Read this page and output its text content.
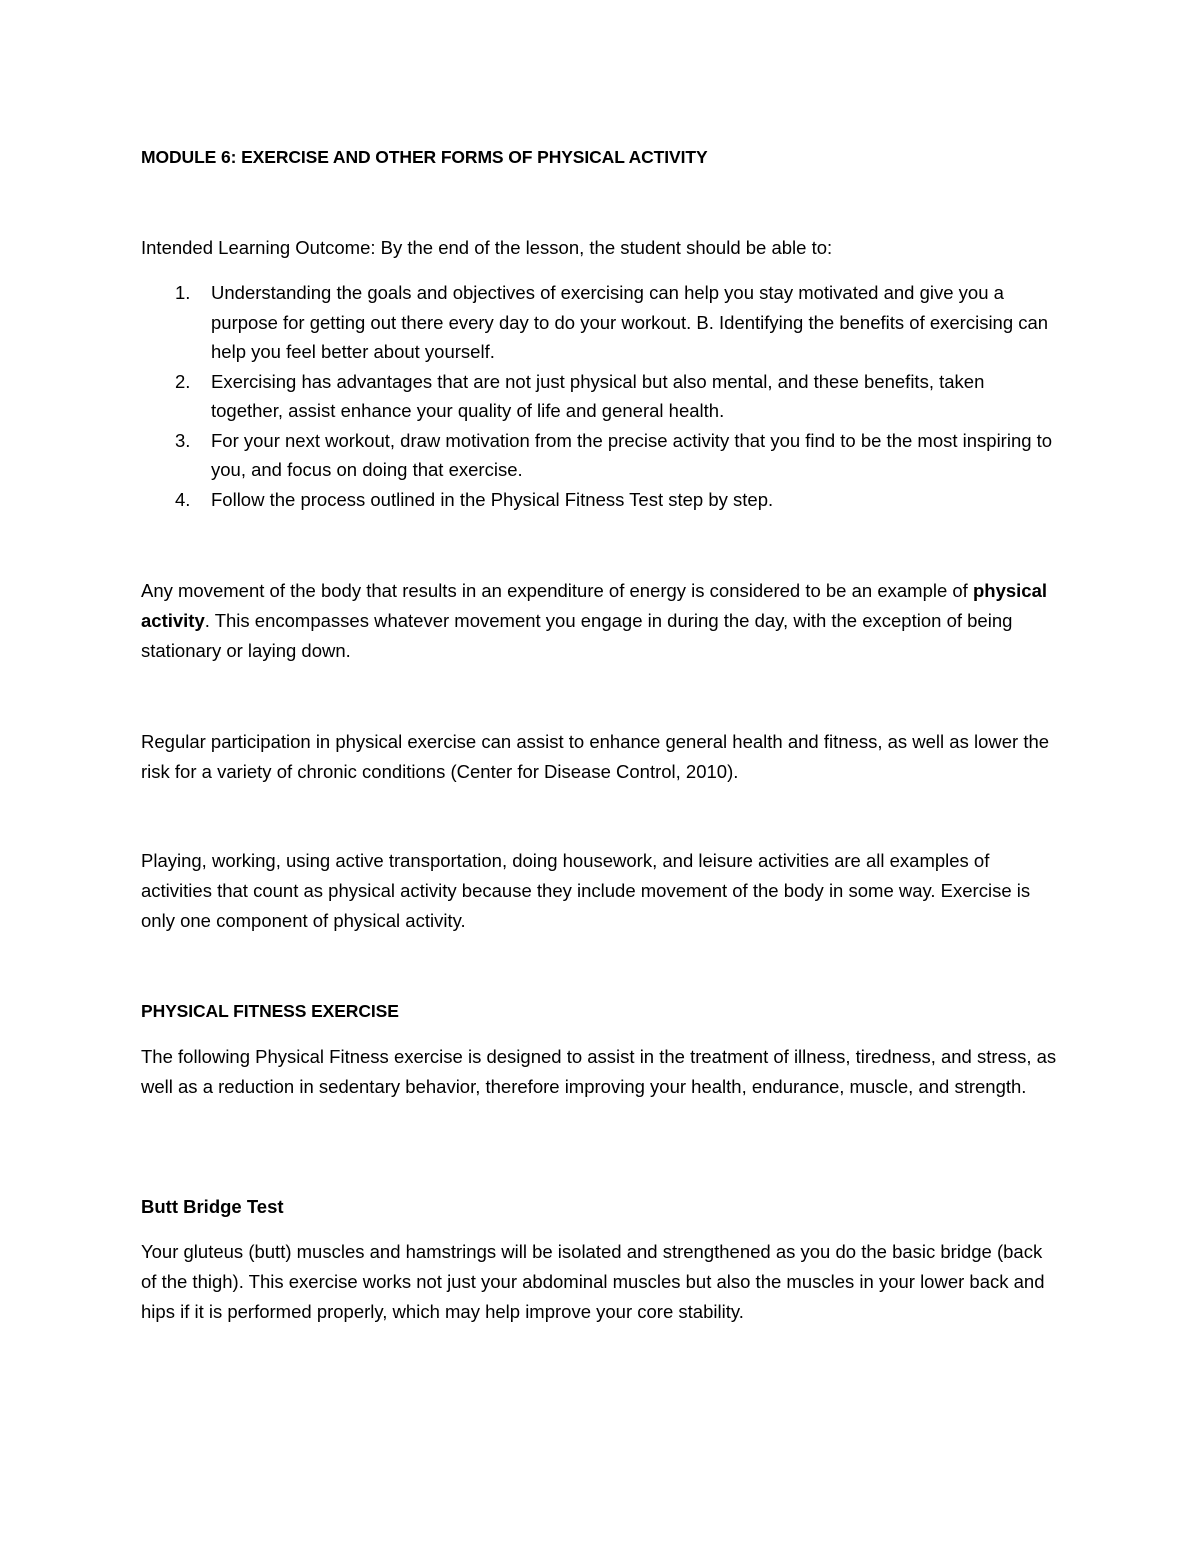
MODULE 6: EXERCISE AND OTHER FORMS OF PHYSICAL ACTIVITY

Intended Learning Outcome: By the end of the lesson, the student should be able to:

1. Understanding the goals and objectives of exercising can help you stay motivated and give you a purpose for getting out there every day to do your workout. B. Identifying the benefits of exercising can help you feel better about yourself.
2. Exercising has advantages that are not just physical but also mental, and these benefits, taken together, assist enhance your quality of life and general health.
3. For your next workout, draw motivation from the precise activity that you find to be the most inspiring to you, and focus on doing that exercise.
4. Follow the process outlined in the Physical Fitness Test step by step.

Any movement of the body that results in an expenditure of energy is considered to be an example of physical activity. This encompasses whatever movement you engage in during the day, with the exception of being stationary or laying down.

Regular participation in physical exercise can assist to enhance general health and fitness, as well as lower the risk for a variety of chronic conditions (Center for Disease Control, 2010).

Playing, working, using active transportation, doing housework, and leisure activities are all examples of activities that count as physical activity because they include movement of the body in some way. Exercise is only one component of physical activity.

PHYSICAL FITNESS EXERCISE

The following Physical Fitness exercise is designed to assist in the treatment of illness, tiredness, and stress, as well as a reduction in sedentary behavior, therefore improving your health, endurance, muscle, and strength.

Butt Bridge Test

Your gluteus (butt) muscles and hamstrings will be isolated and strengthened as you do the basic bridge (back of the thigh). This exercise works not just your abdominal muscles but also the muscles in your lower back and hips if it is performed properly, which may help improve your core stability.
